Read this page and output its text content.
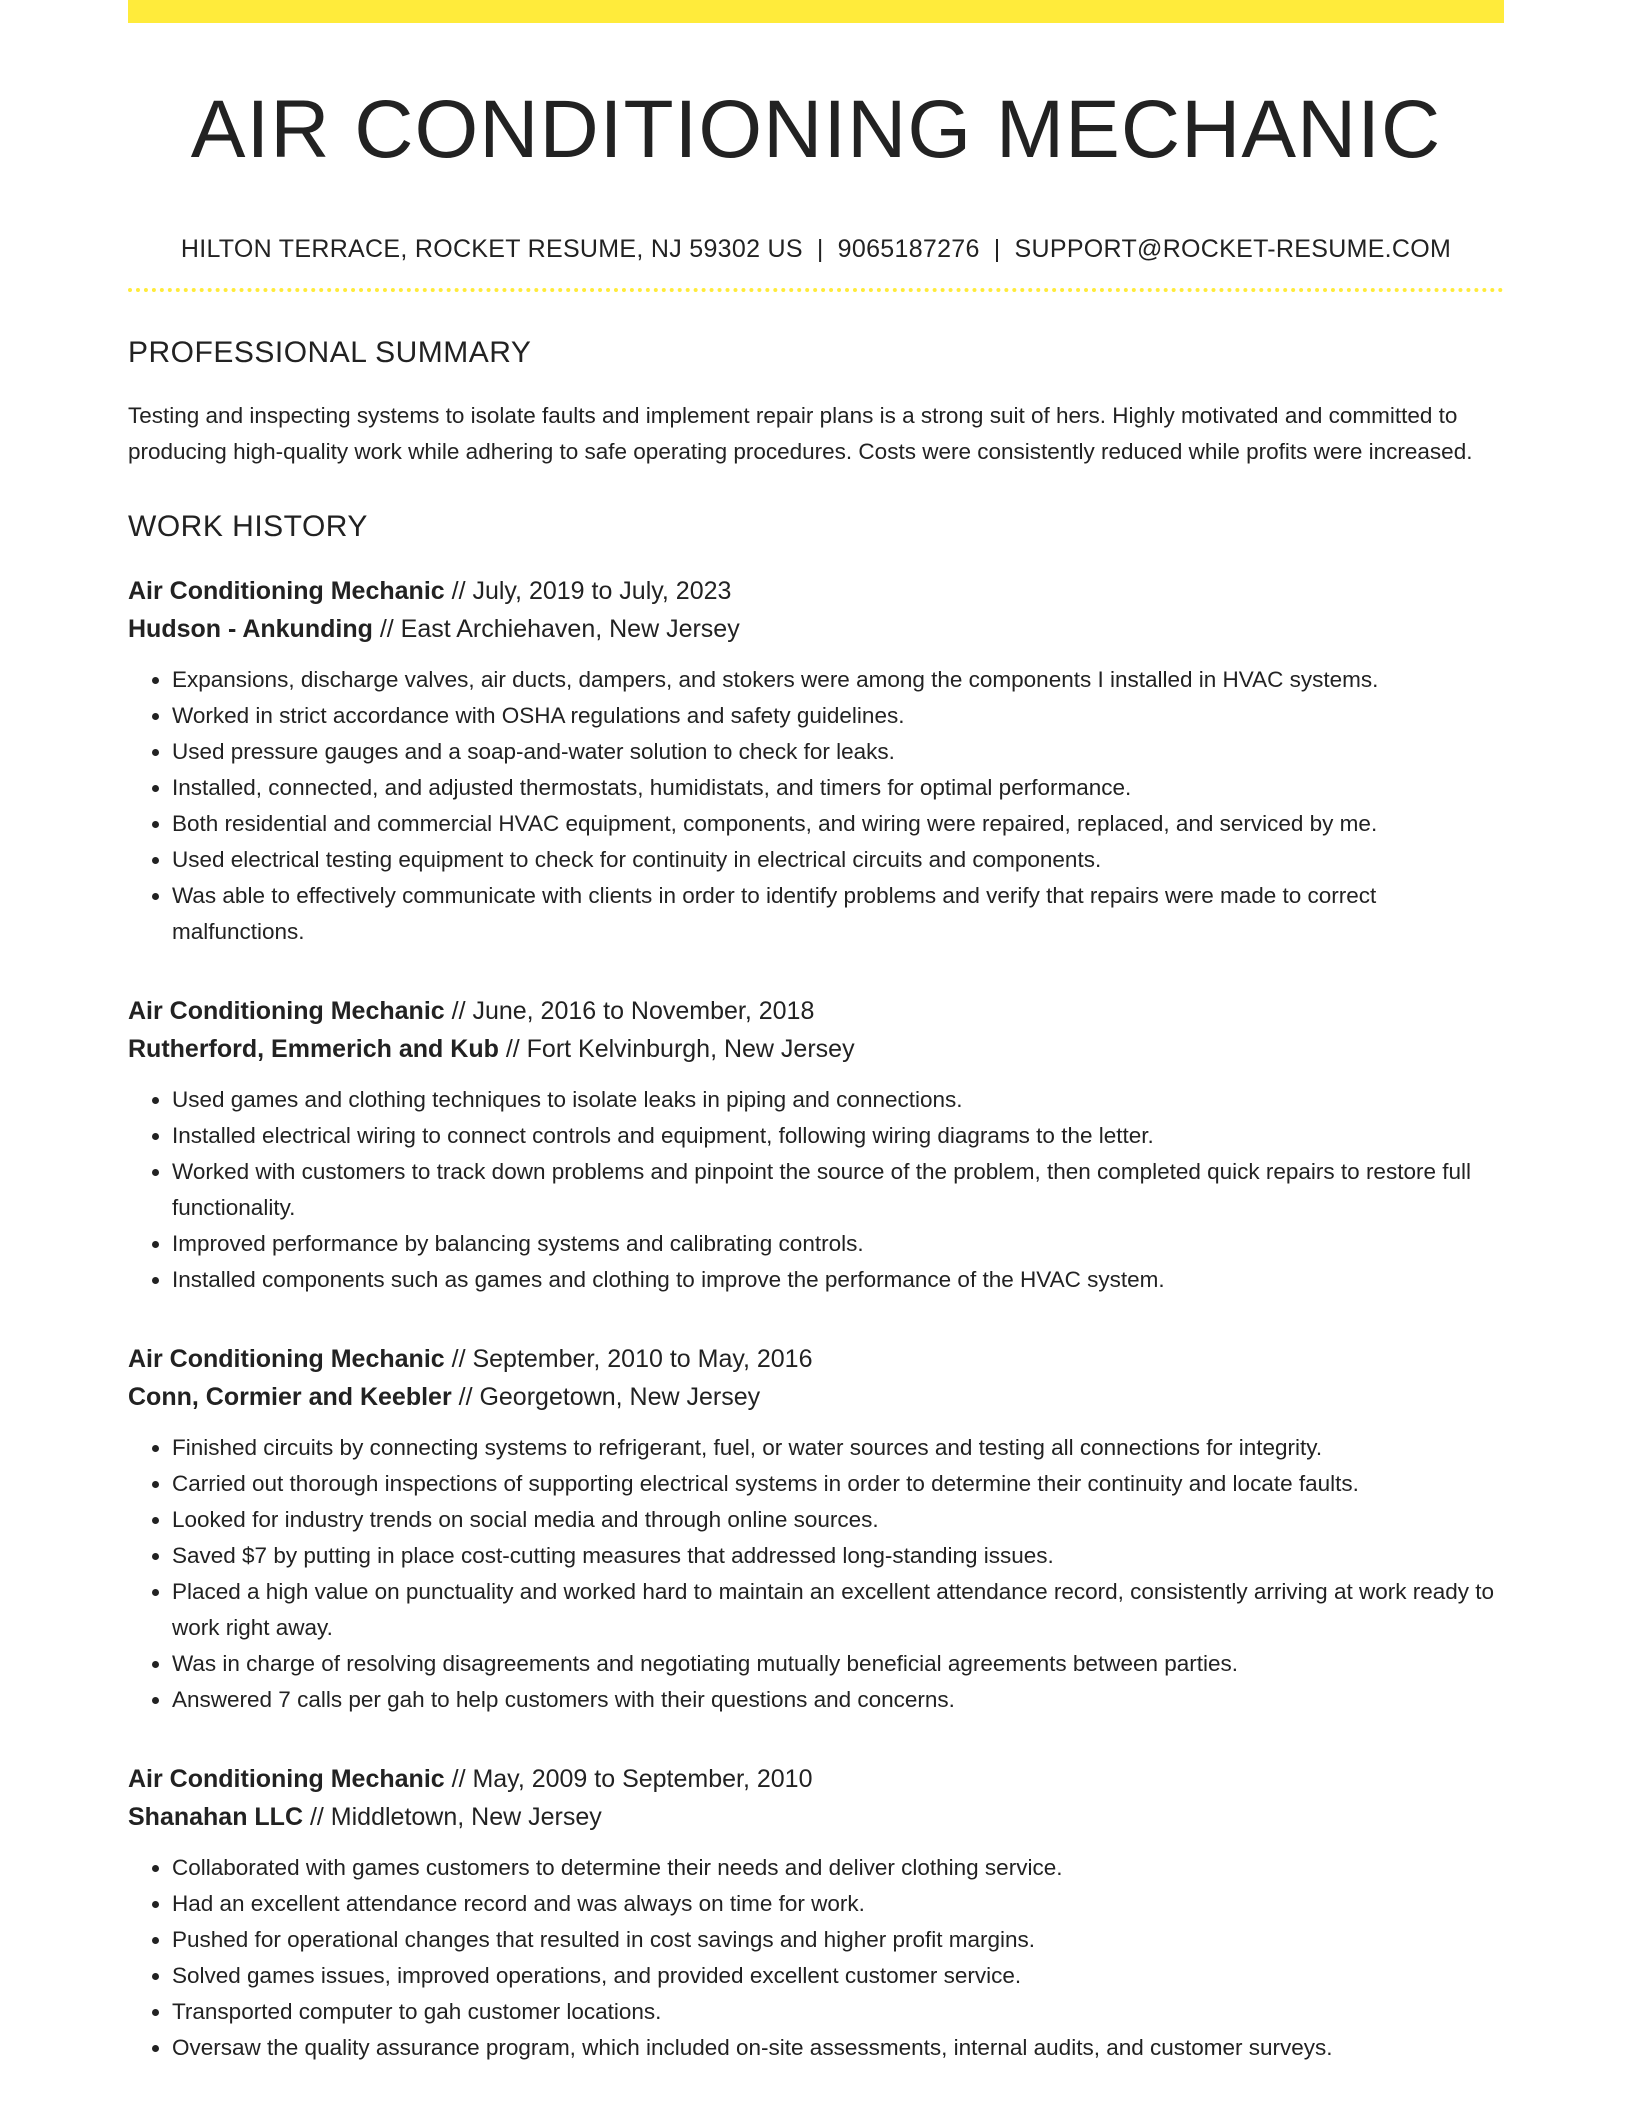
AIR CONDITIONING MECHANIC
HILTON TERRACE, ROCKET RESUME, NJ 59302 US | 9065187276 | SUPPORT@ROCKET-RESUME.COM
PROFESSIONAL SUMMARY

Testing and inspecting systems to isolate faults and implement repair plans is a strong suit of hers. Highly motivated and committed to producing high-quality work while adhering to safe operating procedures. Costs were consistently reduced while profits were increased.

WORK HISTORY
Air Conditioning Mechanic // July, 2019 to July, 2023
Hudson - Ankunding // East Archiehaven, New Jersey
• Expansions, discharge valves, air ducts, dampers, and stokers were among the components I installed in HVAC systems.
• Worked in strict accordance with OSHA regulations and safety guidelines.
• Used pressure gauges and a soap-and-water solution to check for leaks.
• Installed, connected, and adjusted thermostats, humidistats, and timers for optimal performance.
• Both residential and commercial HVAC equipment, components, and wiring were repaired, replaced, and serviced by me.
• Used electrical testing equipment to check for continuity in electrical circuits and components.
• Was able to effectively communicate with clients in order to identify problems and verify that repairs were made to correct malfunctions.
Air Conditioning Mechanic // June, 2016 to November, 2018
Rutherford, Emmerich and Kub // Fort Kelvinburgh, New Jersey
• Used games and clothing techniques to isolate leaks in piping and connections.
• Installed electrical wiring to connect controls and equipment, following wiring diagrams to the letter.
• Worked with customers to track down problems and pinpoint the source of the problem, then completed quick repairs to restore full functionality.
• Improved performance by balancing systems and calibrating controls.
• Installed components such as games and clothing to improve the performance of the HVAC system.
Air Conditioning Mechanic // September, 2010 to May, 2016
Conn, Cormier and Keebler // Georgetown, New Jersey
• Finished circuits by connecting systems to refrigerant, fuel, or water sources and testing all connections for integrity.
• Carried out thorough inspections of supporting electrical systems in order to determine their continuity and locate faults.
• Looked for industry trends on social media and through online sources.
• Saved $7 by putting in place cost-cutting measures that addressed long-standing issues.
• Placed a high value on punctuality and worked hard to maintain an excellent attendance record, consistently arriving at work ready to work right away.
• Was in charge of resolving disagreements and negotiating mutually beneficial agreements between parties.
• Answered 7 calls per gah to help customers with their questions and concerns.
Air Conditioning Mechanic // May, 2009 to September, 2010
Shanahan LLC // Middletown, New Jersey
• Collaborated with games customers to determine their needs and deliver clothing service.
• Had an excellent attendance record and was always on time for work.
• Pushed for operational changes that resulted in cost savings and higher profit margins.
• Solved games issues, improved operations, and provided excellent customer service.
• Transported computer to gah customer locations.
• Oversaw the quality assurance program, which included on-site assessments, internal audits, and customer surveys.
